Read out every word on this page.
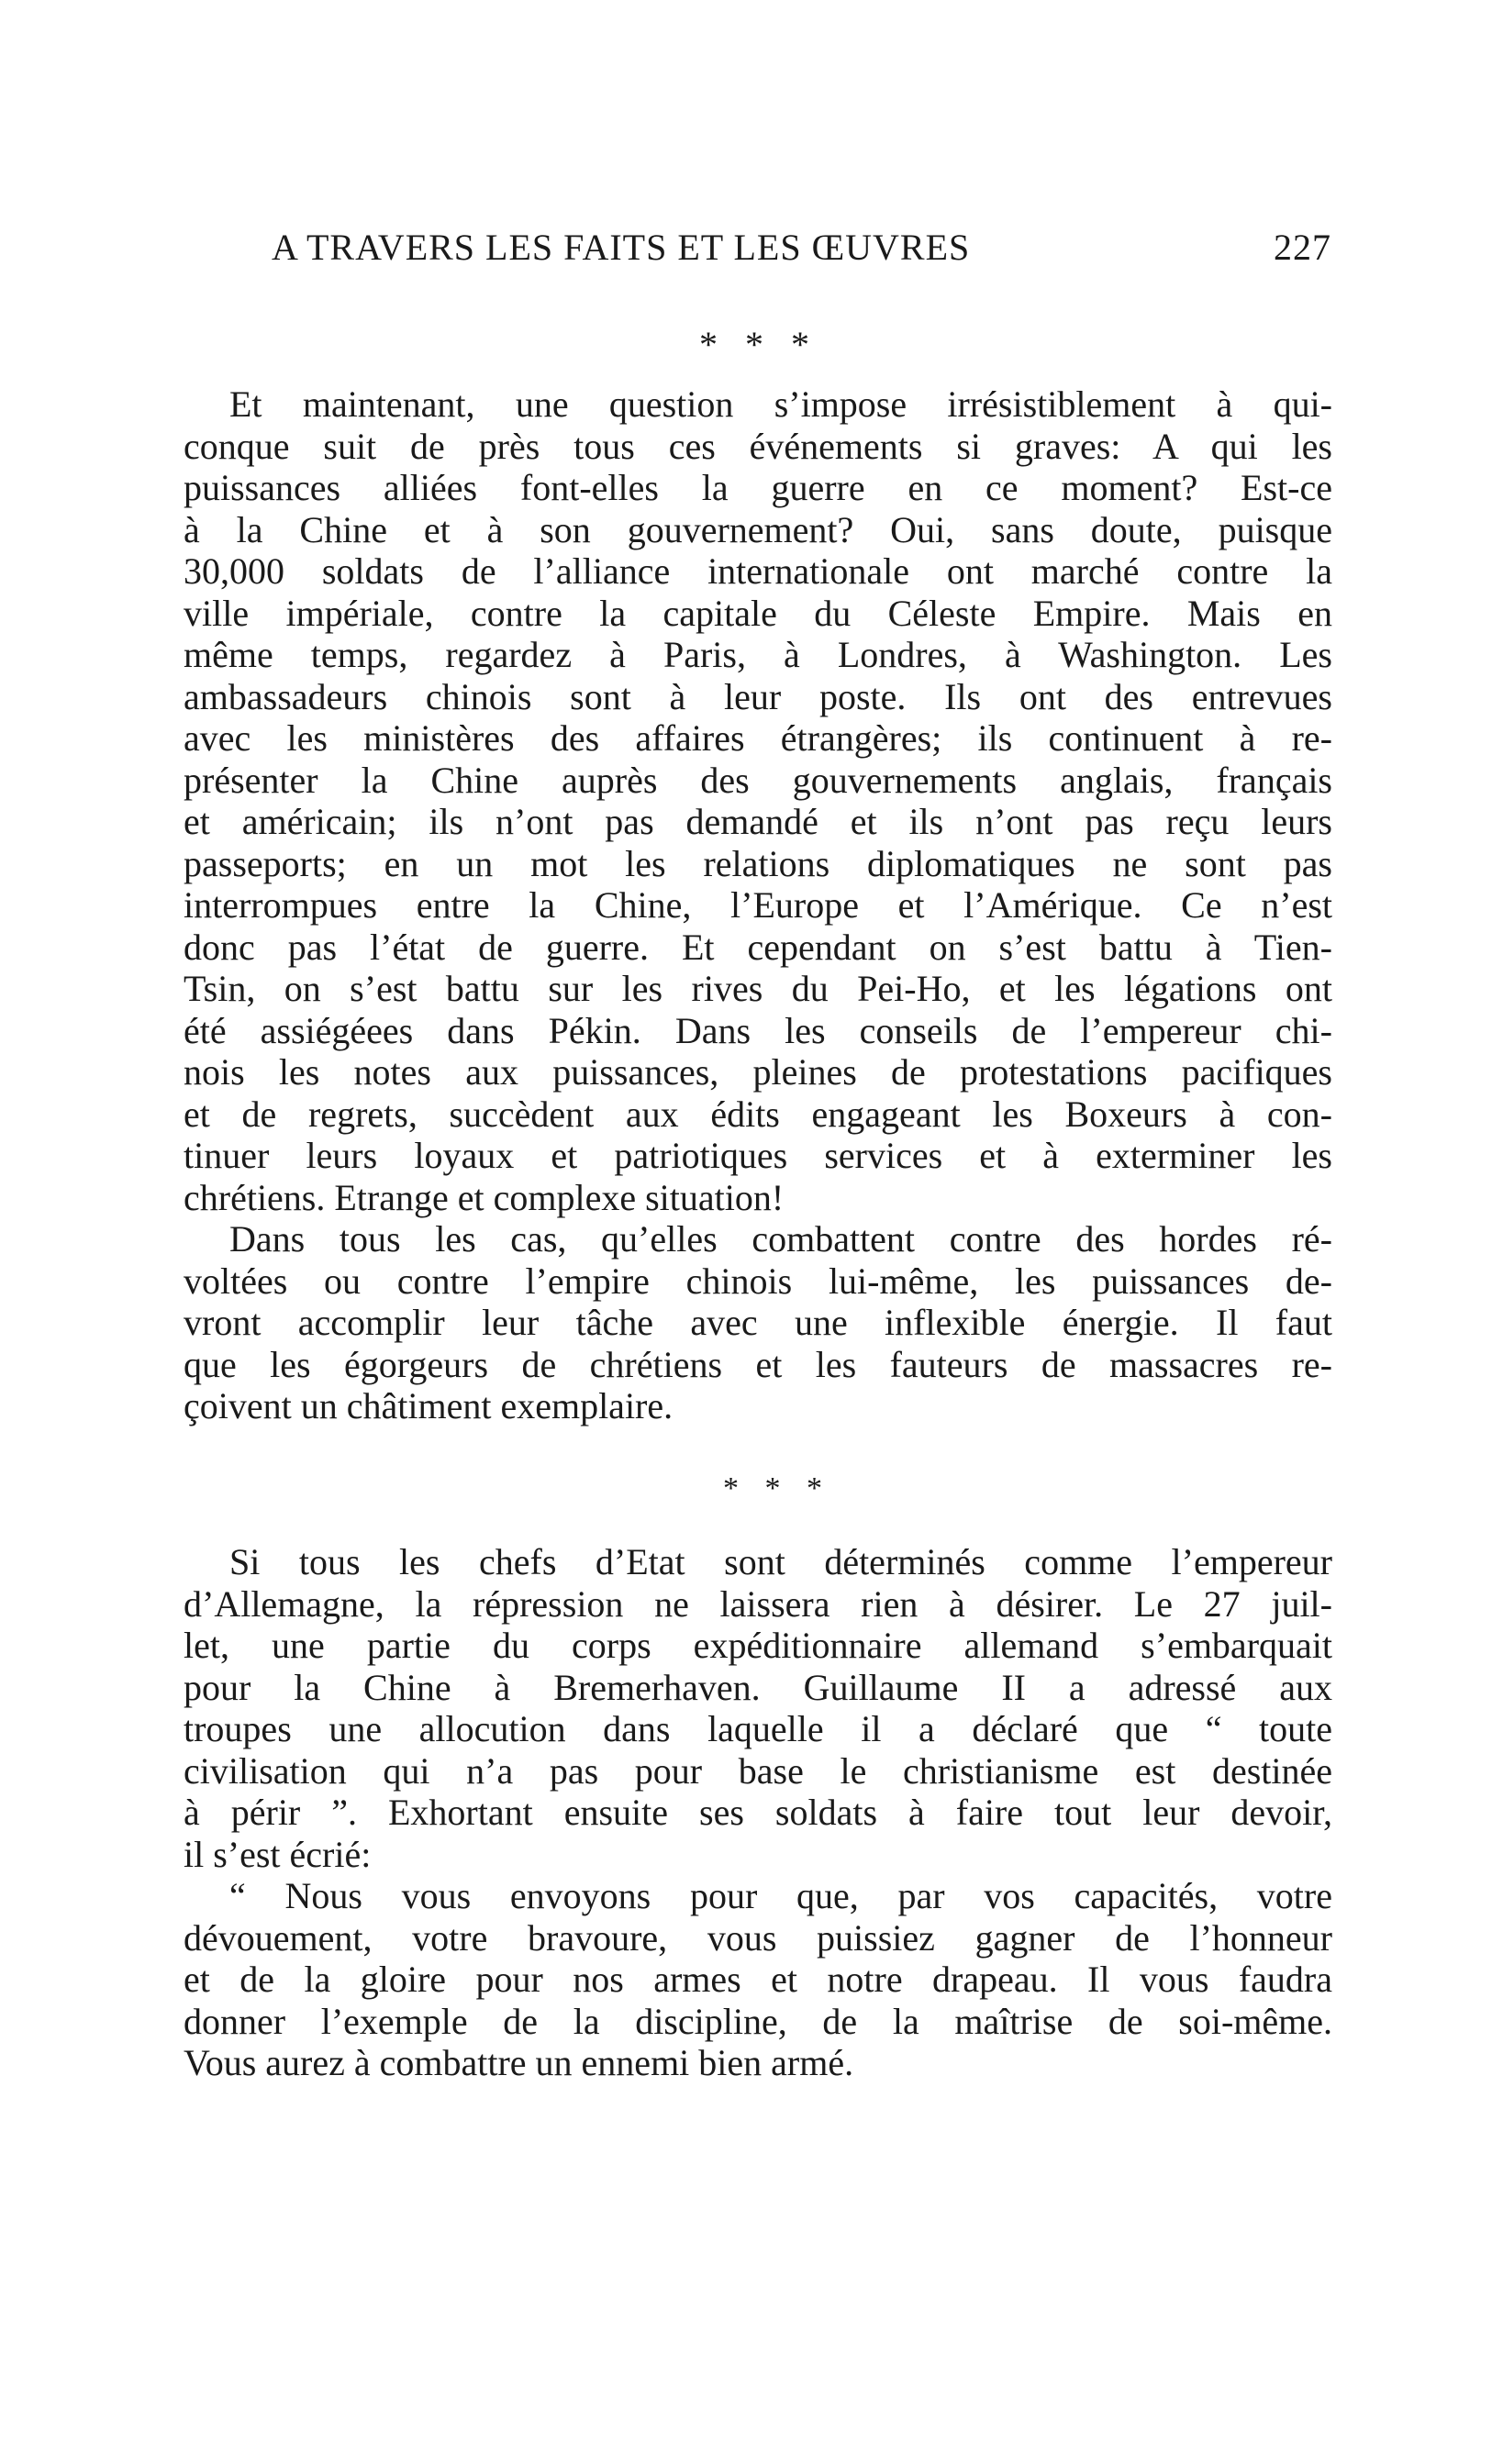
A TRAVERS LES FAITS ET LES ŒUVRES	227
* * *
Et maintenant, une question s’impose irrésistiblement à qui-
conque suit de près tous ces événements si graves: A qui les
puissances alliées font-elles la guerre en ce moment? Est-ce
à la Chine et à son gouvernement? Oui, sans doute, puisque
30,000 soldats de l’alliance internationale ont marché contre la
ville impériale, contre la capitale du Céleste Empire. Mais en
même temps, regardez à Paris, à Londres, à Washington. Les
ambassadeurs chinois sont à leur poste. Ils ont des entrevues
avec les ministères des affaires étrangères; ils continuent à re-
présenter la Chine auprès des gouvernements anglais, français
et américain; ils n’ont pas demandé et ils n’ont pas reçu leurs
passeports; en un mot les relations diplomatiques ne sont pas
interrompues entre la Chine, l’Europe et l’Amérique. Ce n’est
donc pas l’état de guerre. Et cependant on s’est battu à Tien-
Tsin, on s’est battu sur les rives du Pei-Ho, et les légations ont
été assiégéees dans Pékin. Dans les conseils de l’empereur chi-
nois les notes aux puissances, pleines de protestations pacifiques
et de regrets, succèdent aux édits engageant les Boxeurs à con-
tinuer leurs loyaux et patriotiques services et à exterminer les
chrétiens. Etrange et complexe situation!
Dans tous les cas, qu’elles combattent contre des hordes ré-
voltées ou contre l’empire chinois lui-même, les puissances de-
vront accomplir leur tâche avec une inflexible énergie. Il faut
que les égorgeurs de chrétiens et les fauteurs de massacres re-
çoivent un châtiment exemplaire.
* * *
Si tous les chefs d’Etat sont déterminés comme l’empereur
d’Allemagne, la répression ne laissera rien à désirer. Le 27 juil-
let, une partie du corps expéditionnaire allemand s’embarquait
pour la Chine à Bremerhaven. Guillaume II a adressé aux
troupes une allocution dans laquelle il a déclaré que “ toute
civilisation qui n’a pas pour base le christianisme est destinée
à périr ”. Exhortant ensuite ses soldats à faire tout leur devoir,
il s’est écrié:
“ Nous vous envoyons pour que, par vos capacités, votre
dévouement, votre bravoure, vous puissiez gagner de l’honneur
et de la gloire pour nos armes et notre drapeau. Il vous faudra
donner l’exemple de la discipline, de la maîtrise de soi-même.
Vous aurez à combattre un ennemi bien armé.
